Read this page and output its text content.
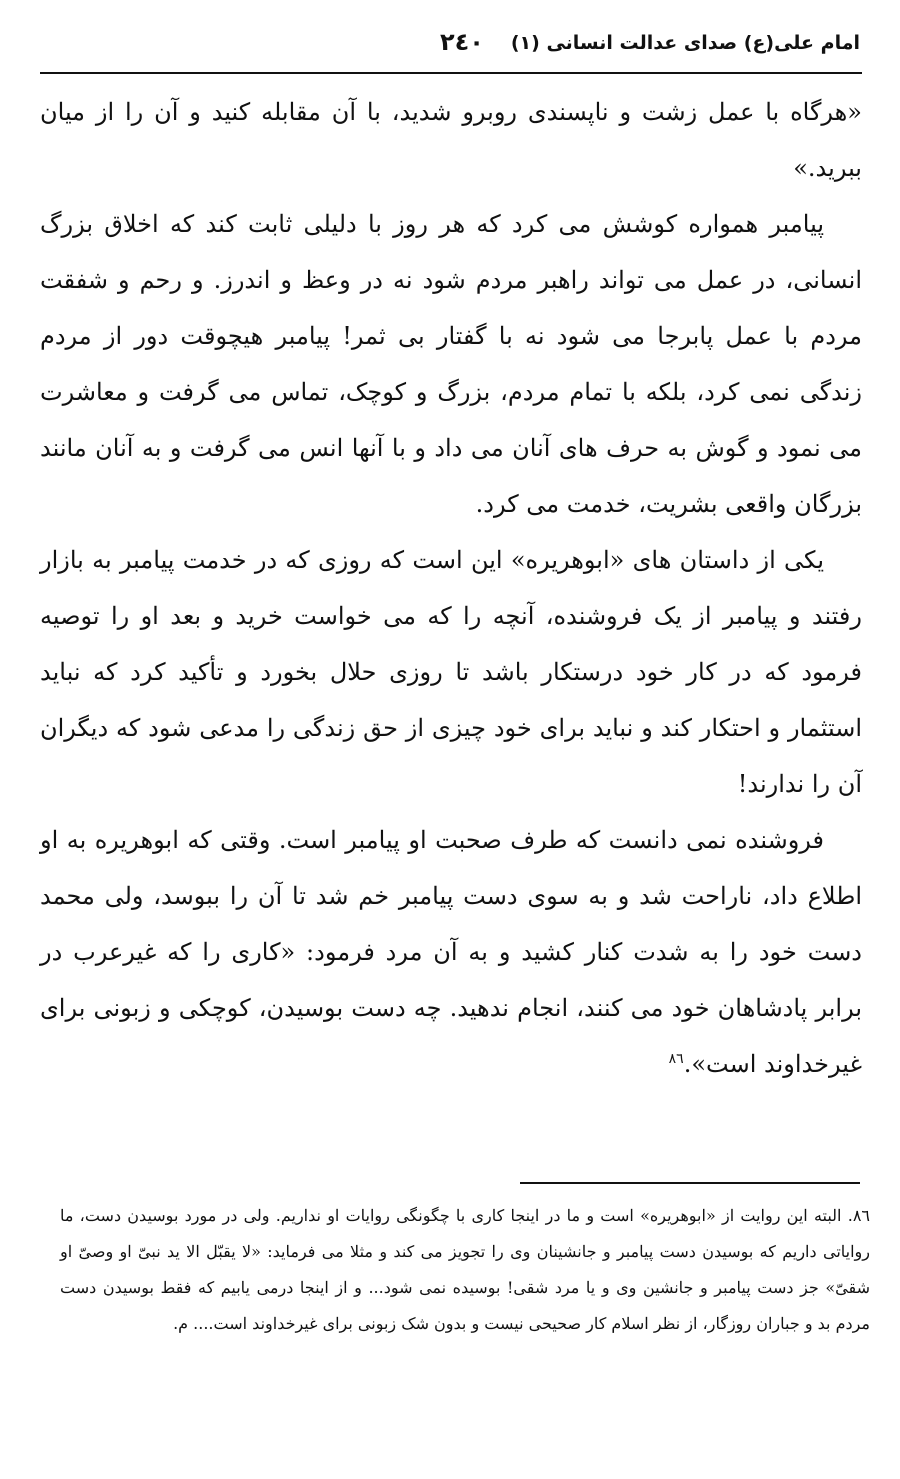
امام علی(ع) صدای عدالت انسانی (۱)
۲٤۰

«هرگاه با عمل زشت و ناپسندی روبرو شدید، با آن مقابله کنید و آن را از میان ببرید.»

پیامبر همواره کوشش می کرد که هر روز با دلیلی ثابت کند که اخلاق بزرگ انسانی، در عمل می تواند راهبر مردم شود نه در وعظ و اندرز. و رحم و شفقت مردم با عمل پابرجا می شود نه با گفتار بی ثمر! پیامبر هیچوقت دور از مردم زندگی نمی کرد، بلکه با تمام مردم، بزرگ و کوچک، تماس می گرفت و معاشرت می نمود و گوش به حرف های آنان می داد و با آنها انس می گرفت و به آنان مانند بزرگان واقعی بشریت، خدمت می کرد.

یکی از داستان های «ابوهریره» این است که روزی که در خدمت پیامبر به بازار رفتند و پیامبر از یک فروشنده، آنچه را که می خواست خرید و بعد او را توصیه فرمود که در کار خود درستکار باشد تا روزی حلال بخورد و تأکید کرد که نباید استثمار و احتکار کند و نباید برای خود چیزی از حق زندگی را مدعی شود که دیگران آن را ندارند!

فروشنده نمی دانست که طرف صحبت او پیامبر است. وقتی که ابوهریره به او اطلاع داد، ناراحت شد و به سوی دست پیامبر خم شد تا آن را ببوسد، ولی محمد دست خود را به شدت کنار کشید و به آن مرد فرمود: «کاری را که غیرعرب در برابر پادشاهان خود می کنند، انجام ندهید. چه دست بوسیدن، کوچکی و زبونی برای غیرخداوند است».$^{۸٦}$

۸٦. البته این روایت از «ابوهریره» است و ما در اینجا کاری با چگونگی روایات او نداریم. ولی در مورد بوسیدن دست، ما روایاتی داریم که بوسیدن دست پیامبر و جانشینان وی را تجویز می کند و مثلا می فرماید: «لا یقبّل الا ید نبیّ او وصیّ او شقیّ» جز دست پیامبر و جانشین وی و یا مرد شقی! بوسیده نمی شود... و از اینجا درمی یابیم که فقط بوسیدن دست مردم بد و جباران روزگار، از نظر اسلام کار صحیحی نیست و بدون شک زبونی برای غیرخداوند است.... م.
